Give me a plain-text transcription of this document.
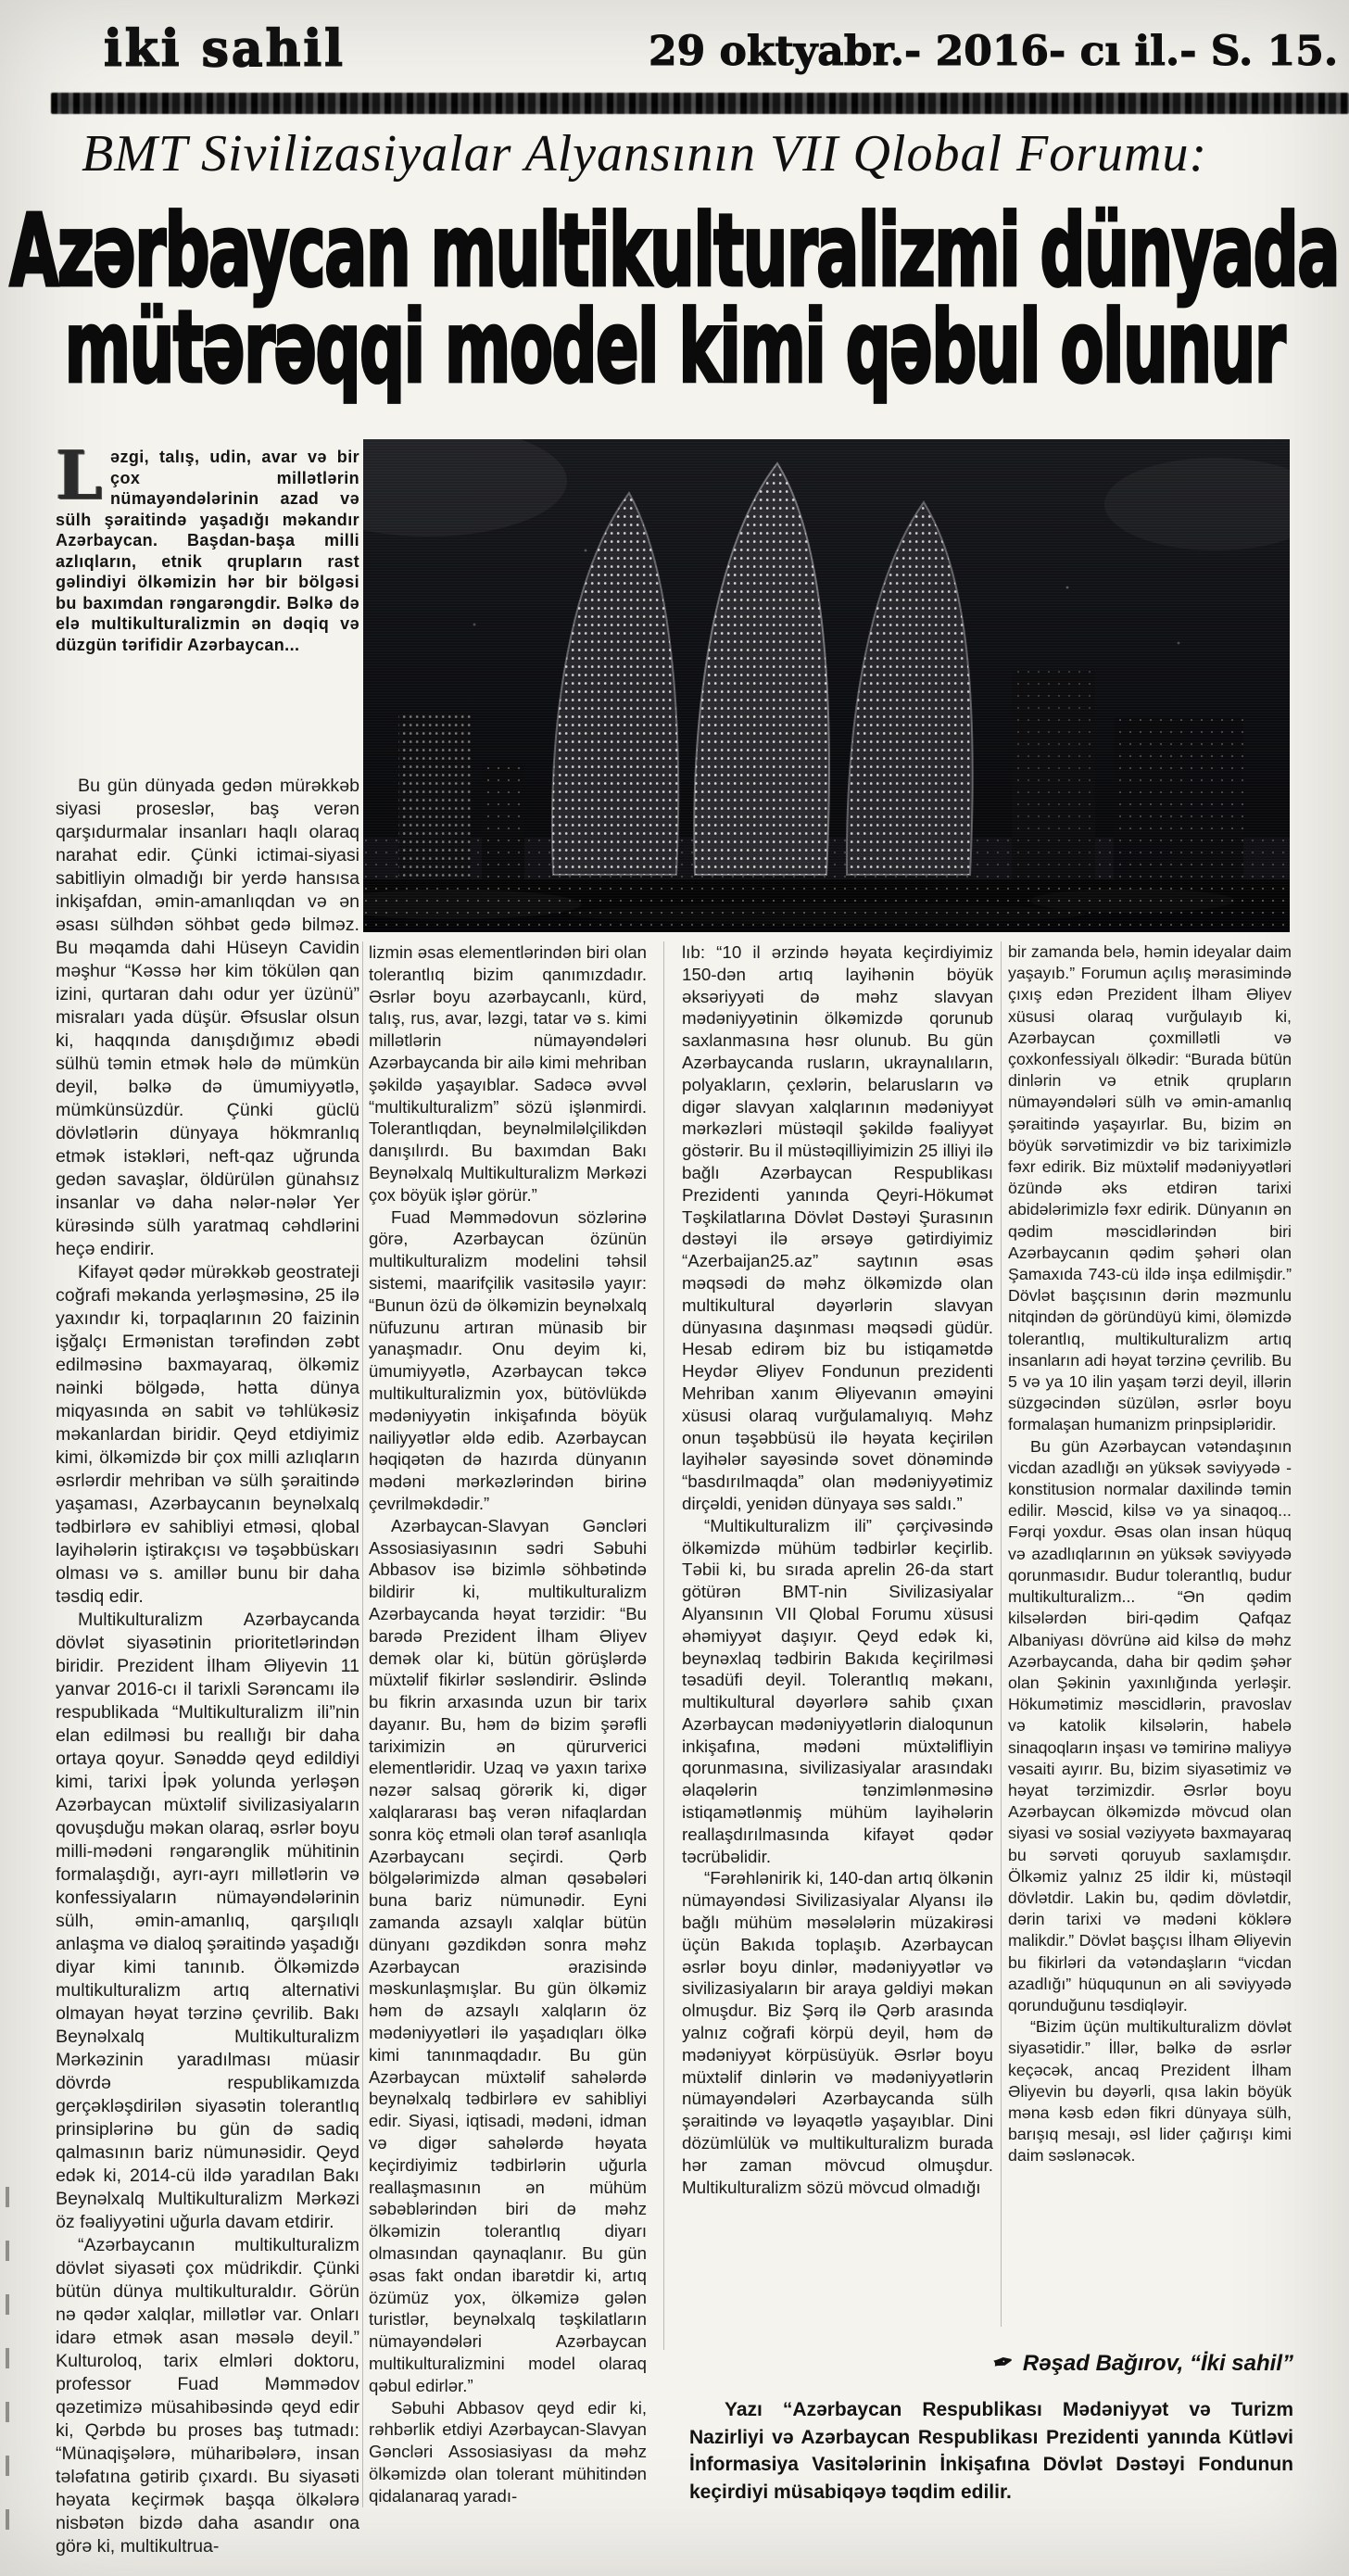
iki sahil	29 oktyabr.- 2016- cı il.- S. 15.
BMT Sivilizasiyalar Alyansının VII Qlobal Forumu:
Azərbaycan multikulturalizmi dünyada
mütərəqqi model kimi qəbul olunur
Ləzgi, talış, udin, avar və bir çox millətlərin nümayəndələrinin azad və sülh şəraitində yaşadığı məkandır Azərbaycan. Başdan-başa milli azlıqların, etnik qrupların rast gəlindiyi ölkəmizin hər bir bölgəsi bu baxımdan rəngarəngdir. Bəlkə də elə multikulturalizmin ən dəqiq və düzgün tərifidir Azərbaycan...

Bu gün dünyada gedən mürəkkəb siyasi proseslər, baş verən qarşıdurmalar insanları haqlı olaraq narahat edir. Çünki ictimai-siyasi sabitliyin olmadığı bir yerdə hansısa inkişafdan, əmin-amanlıqdan və ən əsası sülhdən söhbət gedə bilməz. Bu məqamda dahi Hüseyn Cavidin məşhur “Kəssə hər kim tökülən qan izini, qurtaran dahı odur yer üzünü” misraları yada düşür. Əfsuslar olsun ki, haqqında danışdığımız əbədi sülhü təmin etmək hələ də mümkün deyil, bəlkə də ümumiyyətlə, mümkünsüzdür. Çünki güclü dövlətlərin dünyaya hökmranlıq etmək istəkləri, neft-qaz uğrunda gedən savaşlar, öldürülən günahsız insanlar və daha nələr-nələr Yer kürəsində sülh yaratmaq cəhdlərini heçə endirir.

Kifayət qədər mürəkkəb geostrateji coğrafi məkanda yerləşməsinə, 25 ilə yaxındır ki, torpaqlarının 20 faizinin işğalçı Ermənistan tərəfindən zəbt edilməsinə baxmayaraq, ölkəmiz nəinki bölgədə, hətta dünya miqyasında ən sabit və təhlükəsiz məkanlardan biridir. Qeyd etdiyimiz kimi, ölkəmizdə bir çox milli azlıqların əsrlərdir mehriban və sülh şəraitində yaşaması, Azərbaycanın beynəlxalq tədbirlərə ev sahibliyi etməsi, qlobal layihələrin iştirakçısı və təşəbbüskarı olması və s. amillər bunu bir daha təsdiq edir.

Multikulturalizm Azərbaycanda dövlət siyasətinin prioritetlərindən biridir. Prezident İlham Əliyevin 11 yanvar 2016-cı il tarixli Sərəncamı ilə respublikada “Multikulturalizm ili”nin elan edilməsi bu reallığı bir daha ortaya qoyur. Sənəddə qeyd edildiyi kimi, tarixi İpək yolunda yerləşən Azərbaycan müxtəlif sivilizasiyaların qovuşduğu məkan olaraq, əsrlər boyu milli-mədəni rəngarənglik mühitinin formalaşdığı, ayrı-ayrı millətlərin və konfessiyaların nümayəndələrinin sülh, əmin-amanlıq, qarşılıqlı anlaşma və dialoq şəraitində yaşadığı diyar kimi tanınıb. Ölkəmizdə multikulturalizm artıq alternativi olmayan həyat tərzinə çevrilib. Bakı Beynəlxalq Multikulturalizm Mərkəzinin yaradılması müasir dövrdə respublikamızda gerçəkləşdirilən siyasətin tolerantlıq prinsiplərinə bu gün də sadiq qalmasının bariz nümunəsidir. Qeyd edək ki, 2014-cü ildə yaradılan Bakı Beynəlxalq Multikulturalizm Mərkəzi öz fəaliyyətini uğurla davam etdirir.

“Azərbaycanın multikulturalizm dövlət siyasəti çox müdrikdir. Çünki bütün dünya multikulturaldır. Görün nə qədər xalqlar, millətlər var. Onları idarə etmək asan məsələ deyil.” Kulturoloq, tarix elmləri doktoru, professor Fuad Məmmədov qəzetimizə müsahibəsində qeyd edir ki, Qərbdə bu proses baş tutmadı: “Münaqişələrə, müharibələrə, insan tələfatına gətirib çıxardı. Bu siyasəti həyata keçirmək başqa ölkələrə nisbətən bizdə daha asandır ona görə ki, multikultrua-

lizmin əsas elementlərindən biri olan tolerantlıq bizim qanımızdadır. Əsrlər boyu azərbaycanlı, kürd, talış, rus, avar, ləzgi, tatar və s. kimi millətlərin nümayəndələri Azərbaycanda bir ailə kimi mehriban şəkildə yaşayıblar. Sadəcə əvvəl “multikulturalizm” sözü işlənmirdi. Tolerantlıqdan, beynəlmiləlçilikdən danışılırdı. Bu baxımdan Bakı Beynəlxalq Multikulturalizm Mərkəzi çox böyük işlər görür.”

Fuad Məmmədovun sözlərinə görə, Azərbaycan özünün multikulturalizm modelini təhsil sistemi, maarifçilik vasitəsilə yayır: “Bunun özü də ölkəmizin beynəlxalq nüfuzunu artıran münasib bir yanaşmadır. Onu deyim ki, ümumiyyətlə, Azərbaycan təkcə multikulturalizmin yox, bütövlükdə mədəniyyətin inkişafında böyük nailiyyətlər əldə edib. Azərbaycan həqiqətən də hazırda dünyanın mədəni mərkəzlərindən birinə çevrilməkdədir.”

Azərbaycan-Slavyan Gəncləri Assosiasiyasının sədri Səbuhi Abbasov isə bizimlə söhbətində bildirir ki, multikulturalizm Azərbaycanda həyat tərzidir: “Bu barədə Prezident İlham Əliyev demək olar ki, bütün görüşlərdə müxtəlif fikirlər səsləndirir. Əslində bu fikrin arxasında uzun bir tarix dayanır. Bu, həm də bizim şərəfli tariximizin ən qürurverici elementləridir. Uzaq və yaxın tarixə nəzər salsaq görərik ki, digər xalqlararası baş verən nifaqlardan sonra köç etməli olan tərəf asanlıqla Azərbaycanı seçirdi. Qərb bölgələrimizdə alman qəsəbələri buna bariz nümunədir. Eyni zamanda azsaylı xalqlar bütün dünyanı gəzdikdən sonra məhz Azərbaycan ərazisində məskunlaşmışlar. Bu gün ölkəmiz həm də azsaylı xalqların öz mədəniyyətləri ilə yaşadıqları ölkə kimi tanınmaqdadır. Bu gün Azərbaycan müxtəlif sahələrdə beynəlxalq tədbirlərə ev sahibliyi edir. Siyasi, iqtisadi, mədəni, idman və digər sahələrdə həyata keçirdiyimiz tədbirlərin uğurla reallaşmasının ən mühüm səbəblərindən biri də məhz ölkəmizin tolerantlıq diyarı olmasından qaynaqlanır. Bu gün əsas fakt ondan ibarətdir ki, artıq özümüz yox, ölkəmizə gələn turistlər, beynəlxalq təşkilatların nümayəndələri Azərbaycan multikulturalizmini model olaraq qəbul edirlər.”

Səbuhi Abbasov qeyd edir ki, rəhbərlik etdiyi Azərbaycan-Slavyan Gəncləri Assosiasiyası da məhz ölkəmizdə olan tolerant mühitindən qidalanaraq yaradı-

lıb: “10 il ərzində həyata keçirdiyimiz 150-dən artıq layihənin böyük əksəriyyəti də məhz slavyan mədəniyyətinin ölkəmizdə qorunub saxlanmasına həsr olunub. Bu gün Azərbaycanda rusların, ukraynalıların, polyakların, çexlərin, belarusların və digər slavyan xalqlarının mədəniyyət mərkəzləri müstəqil şəkildə fəaliyyət göstərir. Bu il müstəqilliyimizin 25 illiyi ilə bağlı Azərbaycan Respublikası Prezidenti yanında Qeyri-Hökumət Təşkilatlarına Dövlət Dəstəyi Şurasının dəstəyi ilə ərsəyə gətirdiyimiz “Azerbaijan25.az” saytının əsas məqsədi də məhz ölkəmizdə olan multikultural dəyərlərin slavyan dünyasına daşınması məqsədi güdür. Hesab edirəm biz bu istiqamətdə Heydər Əliyev Fondunun prezidenti Mehriban xanım Əliyevanın əməyini xüsusi olaraq vurğulamalıyıq. Məhz onun təşəbbüsü ilə həyata keçirilən layihələr sayəsində sovet dönəmində “basdırılmaqda” olan mədəniyyətimiz dirçəldi, yenidən dünyaya səs saldı.”

“Multikulturalizm ili” çərçivəsində ölkəmizdə mühüm tədbirlər keçirlib. Təbii ki, bu sırada aprelin 26-da start götürən BMT-nin Sivilizasiyalar Alyansının VII Qlobal Forumu xüsusi əhəmiyyət daşıyır. Qeyd edək ki, beynəxlaq tədbirin Bakıda keçirilməsi təsadüfi deyil. Tolerantlıq məkanı, multikultural dəyərlərə sahib çıxan Azərbaycan mədəniyyətlərin dialoqunun inkişafına, mədəni müxtəlifliyin qorunmasına, sivilizasiyalar arasındakı əlaqələrin tənzimlənməsinə istiqamətlənmiş mühüm layihələrin reallaşdırılmasında kifayət qədər təcrübəlidir.

“Fərəhlənirik ki, 140-dan artıq ölkənin nümayəndəsi Sivilizasiyalar Alyansı ilə bağlı mühüm məsələlərin müzakirəsi üçün Bakıda toplaşıb. Azərbaycan əsrlər boyu dinlər, mədəniyyətlər və sivilizasiyaların bir araya gəldiyi məkan olmuşdur. Biz Şərq ilə Qərb arasında yalnız coğrafi körpü deyil, həm də mədəniyyət körpüsüyük. Əsrlər boyu müxtəlif dinlərin və mədəniyyətlərin nümayəndələri Azərbaycanda sülh şəraitində və ləyaqətlə yaşayıblar. Dini dözümlülük və multikulturalizm burada hər zaman mövcud olmuşdur. Multikulturalizm sözü mövcud olmadığı

bir zamanda belə, həmin ideyalar daim yaşayıb.” Forumun açılış mərasimində çıxış edən Prezident İlham Əliyev xüsusi olaraq vurğulayıb ki, Azərbaycan çoxmillətli və çoxkonfessiyalı ölkədir: “Burada bütün dinlərin və etnik qrupların nümayəndələri sülh və əmin-amanlıq şəraitində yaşayırlar. Bu, bizim ən böyük sərvətimizdir və biz tariximizlə fəxr edirik. Biz müxtəlif mədəniyyətləri özündə əks etdirən tarixi abidələrimizlə fəxr edirik. Dünyanın ən qədim məscidlərindən biri Azərbaycanın qədim şəhəri olan Şamaxıda 743-cü ildə inşa edilmişdir.” Dövlət başçısının dərin məzmunlu nitqindən də göründüyü kimi, öləmizdə tolerantlıq, multikulturalizm artıq insanların adi həyat tərzinə çevrilib. Bu 5 və ya 10 ilin yaşam tərzi deyil, illərin süzgəcindən süzülən, əsrlər boyu formalaşan humanizm prinpsipləridir.

Bu gün Azərbaycan vətəndaşının vicdan azadlığı ən yüksək səviyyədə - konstitusion normalar daxilində təmin edilir. Məscid, kilsə və ya sinaqoq... Fərqi yoxdur. Əsas olan insan hüquq və azadlıqlarının ən yüksək səviyyədə qorunmasıdır. Budur tolerantlıq, budur multikulturalizm... “Ən qədim kilsələrdən biri-qədim Qafqaz Albaniyası dövrünə aid kilsə də məhz Azərbaycanda, daha bir qədim şəhər olan Şəkinin yaxınlığında yerləşir. Hökumətimiz məscidlərin, pravoslav və katolik kilsələrin, habelə sinaqoqların inşası və təmirinə maliyyə vəsaiti ayırır. Bu, bizim siyasətimiz və həyat tərzimizdir. Əsrlər boyu Azərbaycan ölkəmizdə mövcud olan siyasi və sosial vəziyyətə baxmayaraq bu sərvəti qoruyub saxlamışdır. Ölkəmiz yalnız 25 ildir ki, müstəqil dövlətdir. Lakin bu, qədim dövlətdir, dərin tarixi və mədəni köklərə malikdir.” Dövlət başçısı İlham Əliyevin bu fikirləri da vətəndaşların “vicdan azadlığı” hüququnun ən ali səviyyədə qorunduğunu təsdiqləyir.

“Bizim üçün multikulturalizm dövlət siyasətidir.” İllər, bəlkə də əsrlər keçəcək, ancaq Prezident İlham Əliyevin bu dəyərli, qısa lakin böyük məna kəsb edən fikri dünyaya sülh, barışıq mesajı, əsl lider çağırışı kimi daim səslənəcək.

✒ Rəşad Bağırov, “İki sahil”

Yazı “Azərbaycan Respublikası Mədəniyyət və Turizm Nazirliyi və Azərbaycan Respublikası Prezidenti yanında Kütləvi İnformasiya Vasitələrinin İnkişafına Dövlət Dəstəyi Fondunun keçirdiyi müsabiqəyə təqdim edilir.
